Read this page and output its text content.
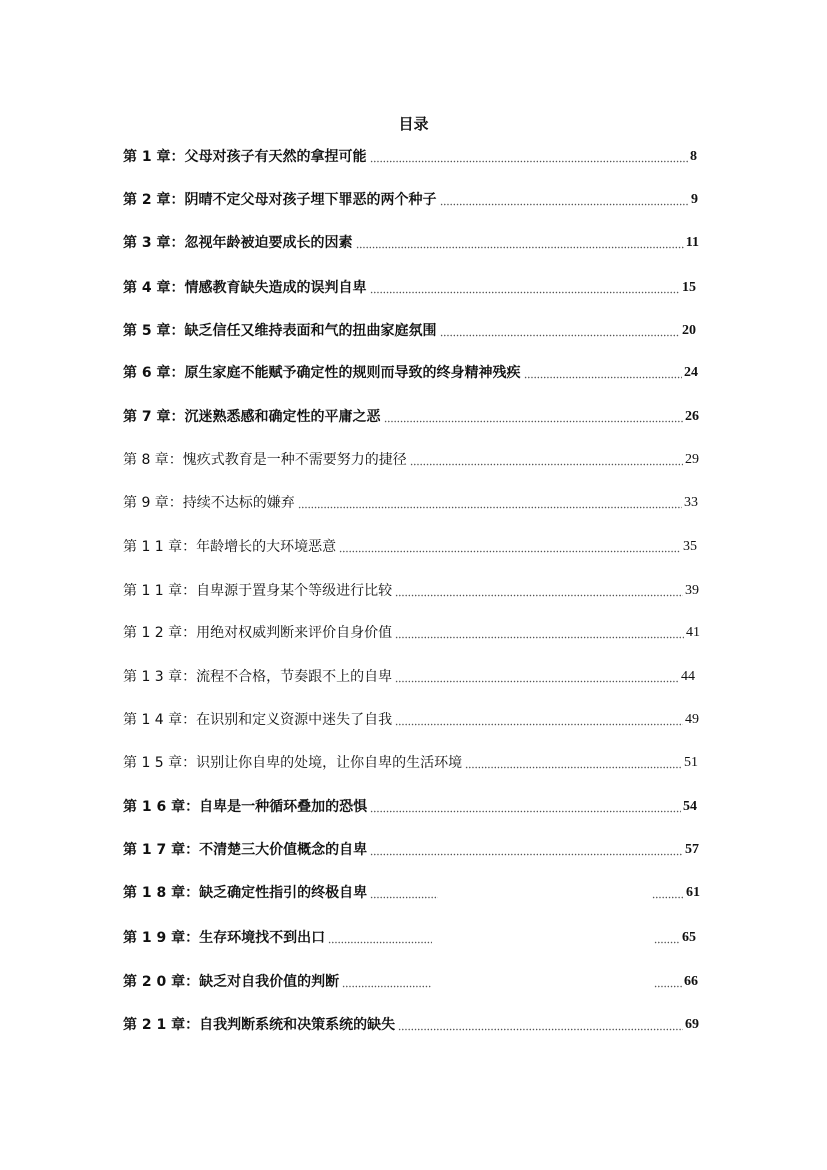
目录
第 1 章：父母对孩子有天然的拿捏可能	8
第 2 章：阴晴不定父母对孩子埋下罪恶的两个种子	9
第 3 章：忽视年龄被迫要成长的因素	11
第 4 章：情感教育缺失造成的误判自卑	15
第 5 章：缺乏信任又维持表面和气的扭曲家庭氛围	20
第 6 章：原生家庭不能赋予确定性的规则而导致的终身精神残疾	24
第 7 章：沉迷熟悉感和确定性的平庸之恶	26
第 8 章：愧疚式教育是一种不需要努力的捷径	29
第 9 章：持续不达标的嫌弃	33
第 1 1 章：年龄增长的大环境恶意	35
第 1 1 章：自卑源于置身某个等级进行比较	39
第 1 2 章：用绝对权威判断来评价自身价值	41
第 1 3 章：流程不合格，节奏跟不上的自卑	44
第 1 4 章：在识别和定义资源中迷失了自我	49
第 1 5 章：识别让你自卑的处境，让你自卑的生活环境	51
第 1 6 章：自卑是一种循环叠加的恐惧	54
第 1 7 章：不清楚三大价值概念的自卑	57
第 1 8 章：缺乏确定性指引的终极自卑	61
第 1 9 章：生存环境找不到出口	65
第 2 0 章：缺乏对自我价值的判断	66
第 2 1 章：自我判断系统和决策系统的缺失	69
